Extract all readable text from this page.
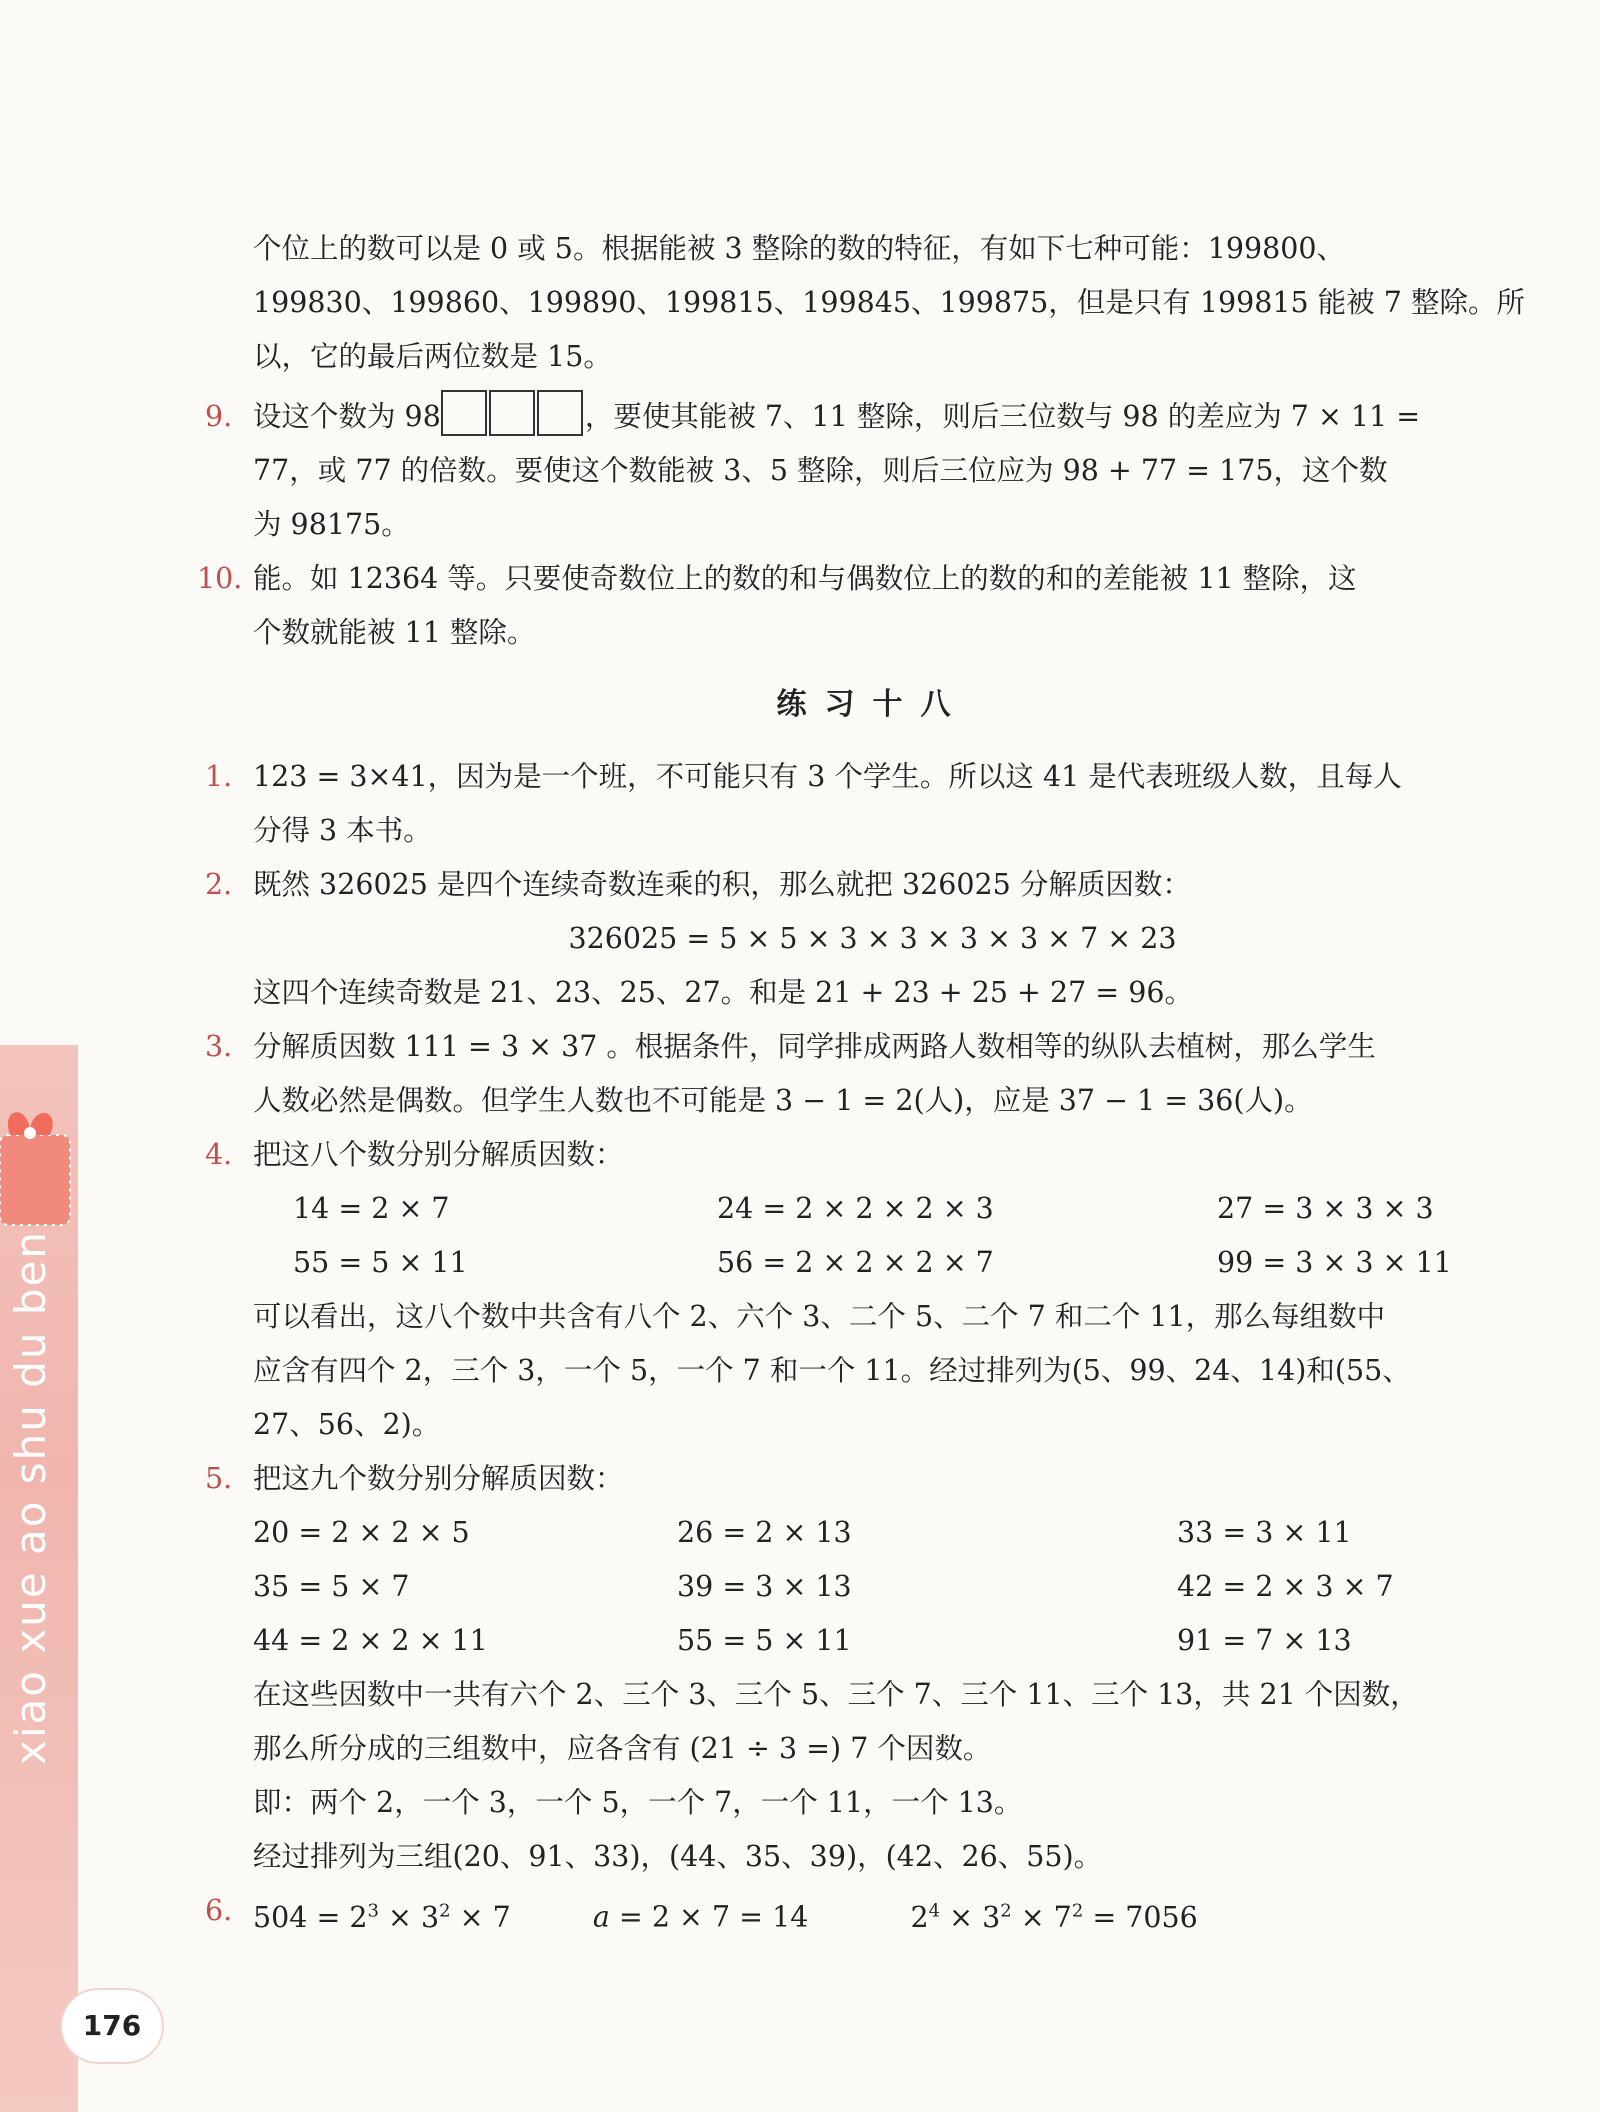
xiao xue ao shu du ben
176

个位上的数可以是 0 或 5。根据能被 3 整除的数的特征，有如下七种可能：199800、
199830、199860、199890、199815、199845、199875，但是只有 199815 能被 7 整除。所
以，它的最后两位数是 15。

9. 设这个数为 98	，要使其能被 7、11 整除，则后三位数与 98 的差应为 7 × 11 =
77，或 77 的倍数。要使这个数能被 3、5 整除，则后三位应为 98 + 77 = 175，这个数
为 98175。

10. 能。如 12364 等。只要使奇数位上的数的和与偶数位上的数的和的差能被 11 整除，这
个数就能被 11 整除。

练习十八

1. 123 = 3×41，因为是一个班，不可能只有 3 个学生。所以这 41 是代表班级人数，且每人
分得 3 本书。

2. 既然 326025 是四个连续奇数连乘的积，那么就把 326025 分解质因数：
326025 = 5 × 5 × 3 × 3 × 3 × 3 × 7 × 23
这四个连续奇数是 21、23、25、27。和是 21 + 23 + 25 + 27 = 96。

3. 分解质因数 111 = 3 × 37 。根据条件，同学排成两路人数相等的纵队去植树，那么学生
人数必然是偶数。但学生人数也不可能是 3 − 1 = 2(人)，应是 37 − 1 = 36(人)。

4. 把这八个数分别分解质因数：
14 = 2 × 7	24 = 2 × 2 × 2 × 3	27 = 3 × 3 × 3
55 = 5 × 11	56 = 2 × 2 × 2 × 7	99 = 3 × 3 × 11
可以看出，这八个数中共含有八个 2、六个 3、二个 5、二个 7 和二个 11，那么每组数中
应含有四个 2，三个 3，一个 5，一个 7 和一个 11。经过排列为(5、99、24、14)和(55、
27、56、2)。
5. 把这九个数分别分解质因数：
20 = 2 × 2 × 5	26 = 2 × 13	33 = 3 × 11
35 = 5 × 7	39 = 3 × 13	42 = 2 × 3 × 7
44 = 2 × 2 × 11	55 = 5 × 11	91 = 7 × 13
在这些因数中一共有六个 2、三个 3、三个 5、三个 7、三个 11、三个 13，共 21 个因数，
那么所分成的三组数中，应各含有 (21 ÷ 3 =) 7 个因数。
即：两个 2，一个 3，一个 5，一个 7，一个 11，一个 13。
经过排列为三组(20、91、33)，(44、35、39)，(42、26、55)。
6. $504 = 2^3 \times 3^2 \times 7$	a = 2 × 7 = 14	$2^4 \times 3^2 \times 7^2 = 7056$
